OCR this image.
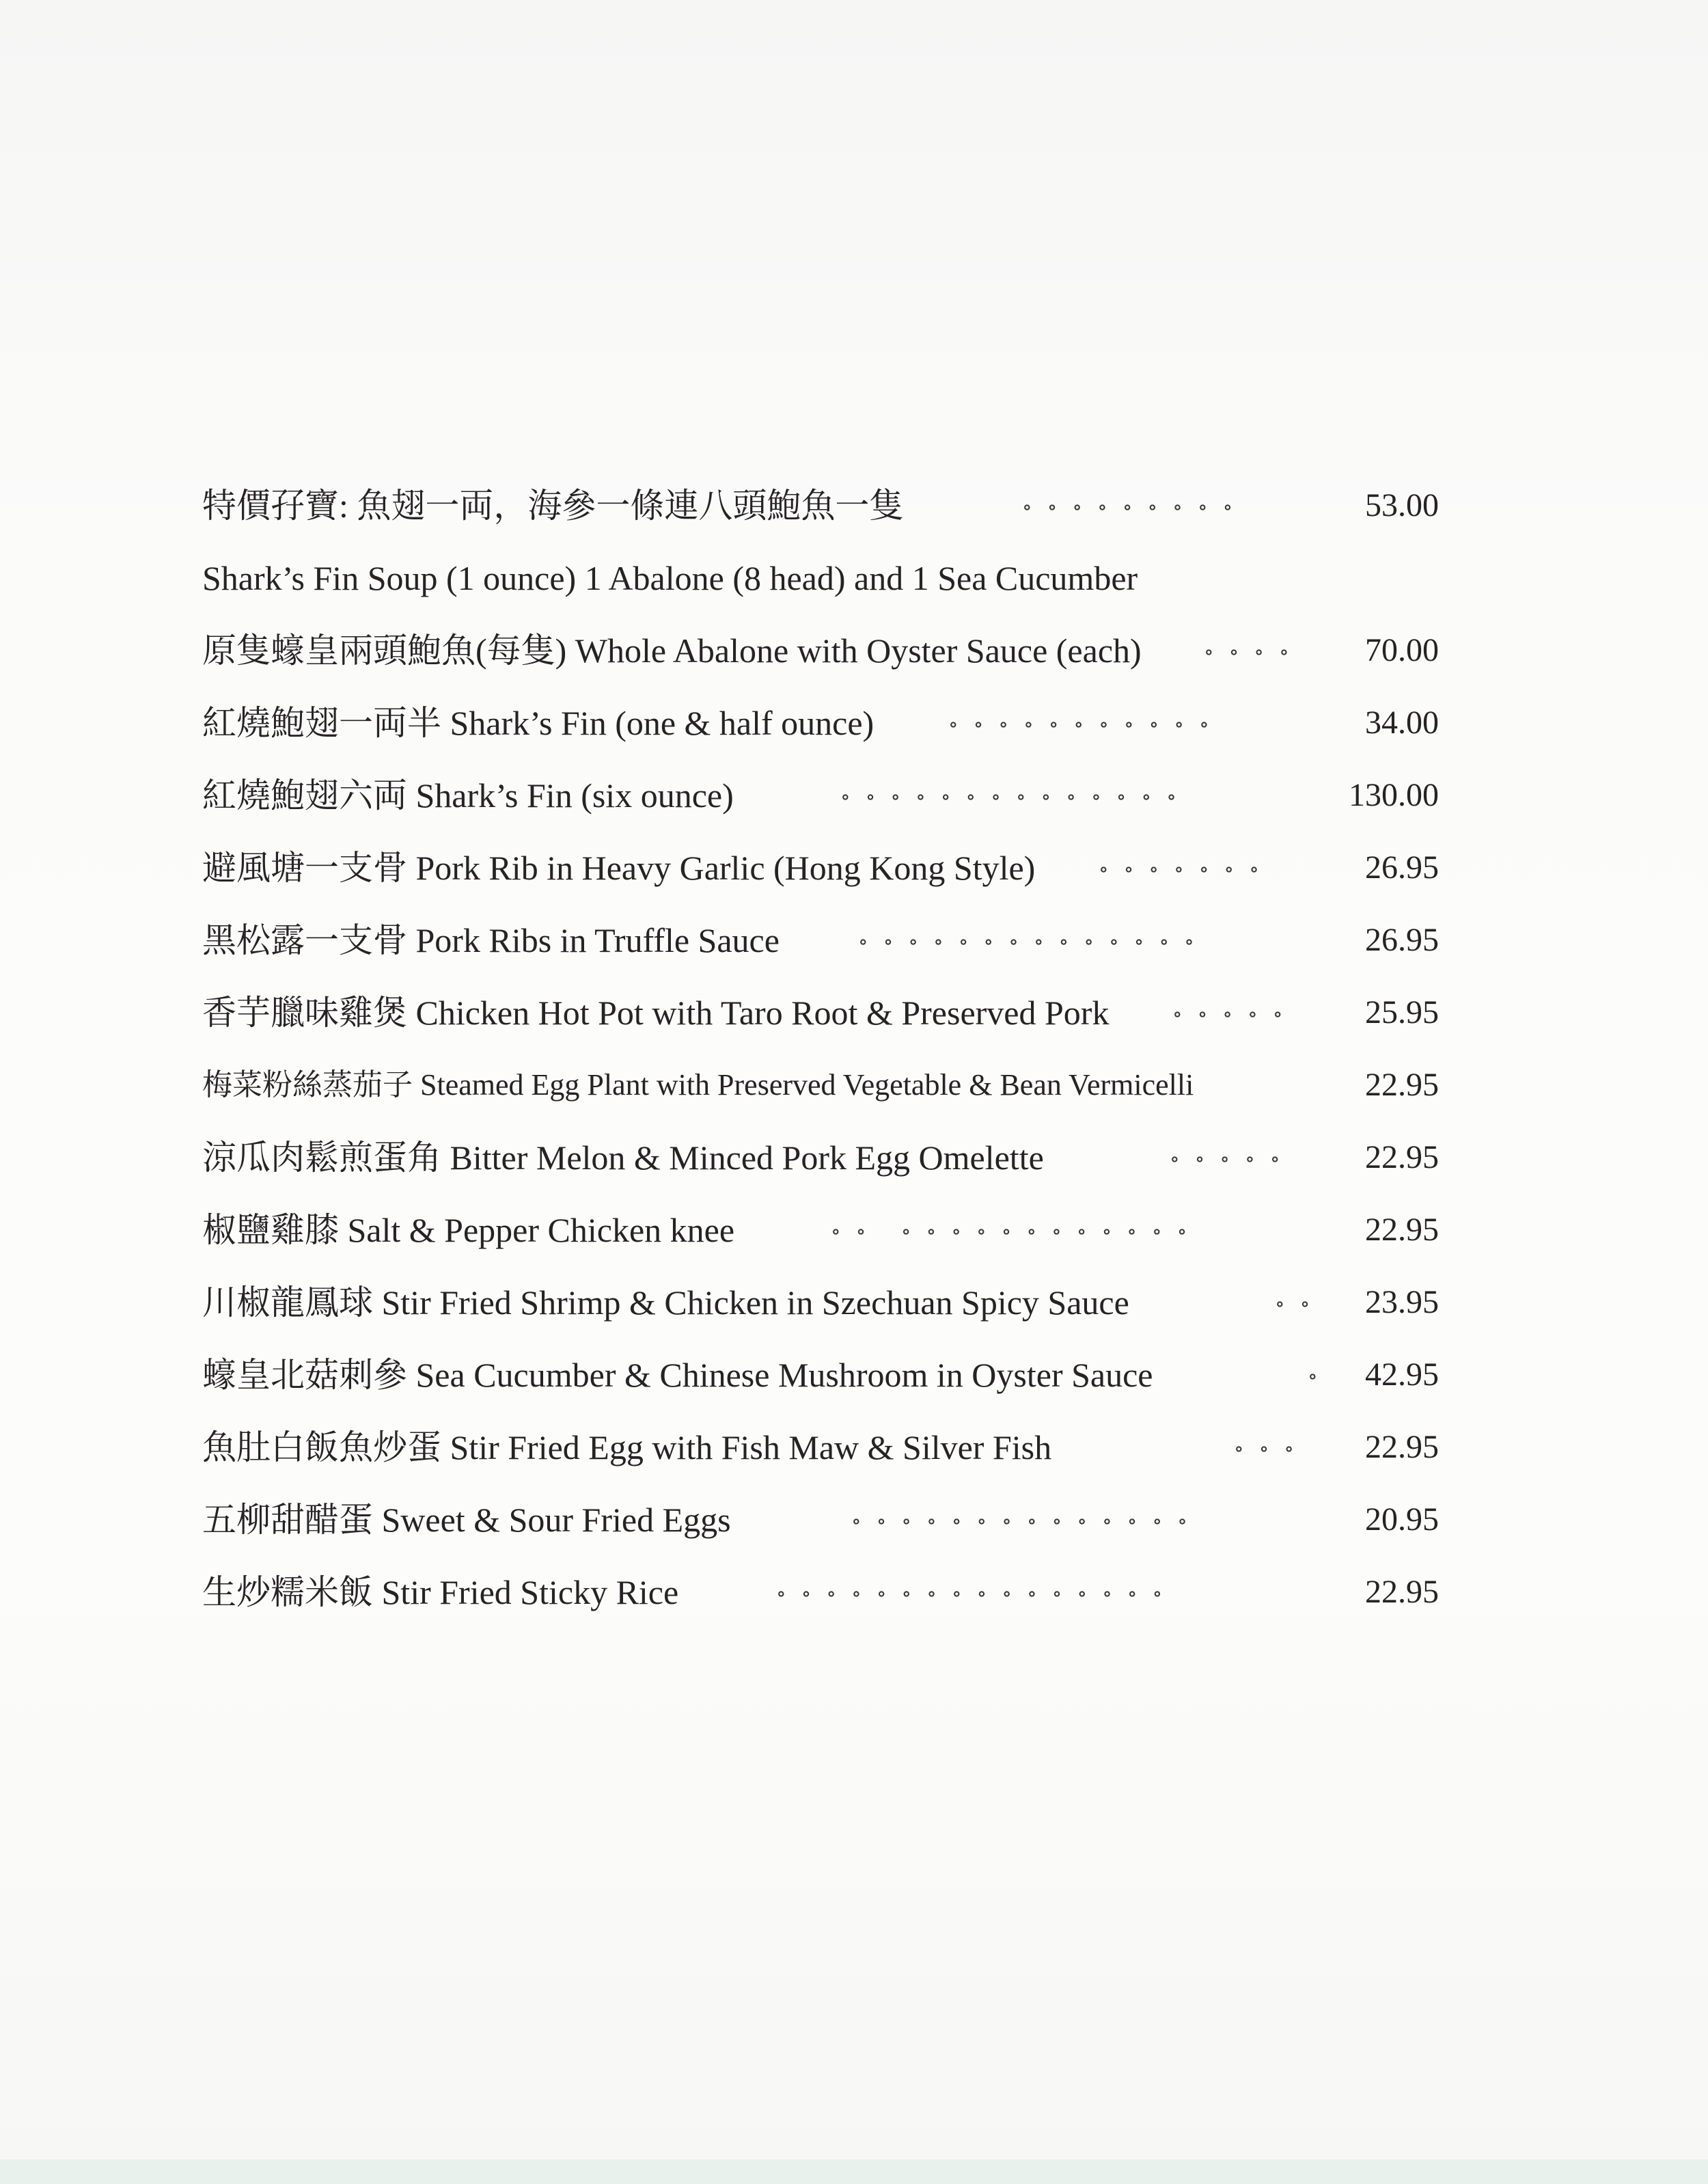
特價孖寶: 魚翅一両，海參一條連八頭鮑魚一隻	∘∘∘∘∘∘∘∘∘	53.00
Shark’s Fin Soup (1 ounce) 1 Abalone (8 head) and 1 Sea Cucumber
原隻蠔皇兩頭鮑魚(每隻) Whole Abalone with Oyster Sauce (each)	∘∘∘∘ 70.00
紅燒鮑翅一両半 Shark’s Fin (one & half ounce)	∘∘∘∘∘∘∘∘∘∘∘	34.00
紅燒鮑翅六両 Shark’s Fin (six ounce)	∘∘∘∘∘∘∘∘∘∘∘∘∘∘	130.00
避風塘一支骨 Pork Rib in Heavy Garlic (Hong Kong Style)	∘∘∘∘∘∘∘	26.95
黑松露一支骨 Pork Ribs in Truffle Sauce	∘∘∘∘∘∘∘∘∘∘∘∘∘∘	26.95
香芋臘味雞煲 Chicken Hot Pot with Taro Root & Preserved Pork	∘∘∘∘∘ 25.95
梅菜粉絲蒸茄子 Steamed Egg Plant with Preserved Vegetable & Bean Vermicelli	22.95
涼瓜肉鬆煎蛋角 Bitter Melon & Minced Pork Egg Omelette	∘∘∘∘∘ 22.95
椒鹽雞膝 Salt & Pepper Chicken knee	∘∘ ∘∘∘∘∘∘∘∘∘∘∘∘	22.95
川椒龍鳳球 Stir Fried Shrimp & Chicken in Szechuan Spicy Sauce	∘∘ 23.95
蠔皇北菇刺參 Sea Cucumber & Chinese Mushroom in Oyster Sauce	∘ 42.95
魚肚白飯魚炒蛋 Stir Fried Egg with Fish Maw & Silver Fish	∘∘∘ 22.95
五柳甜醋蛋 Sweet & Sour Fried Eggs	∘∘∘∘∘∘∘∘∘∘∘∘∘∘	20.95
生炒糯米飯 Stir Fried Sticky Rice	∘∘∘∘∘∘∘∘∘∘∘∘∘∘∘∘	22.95
